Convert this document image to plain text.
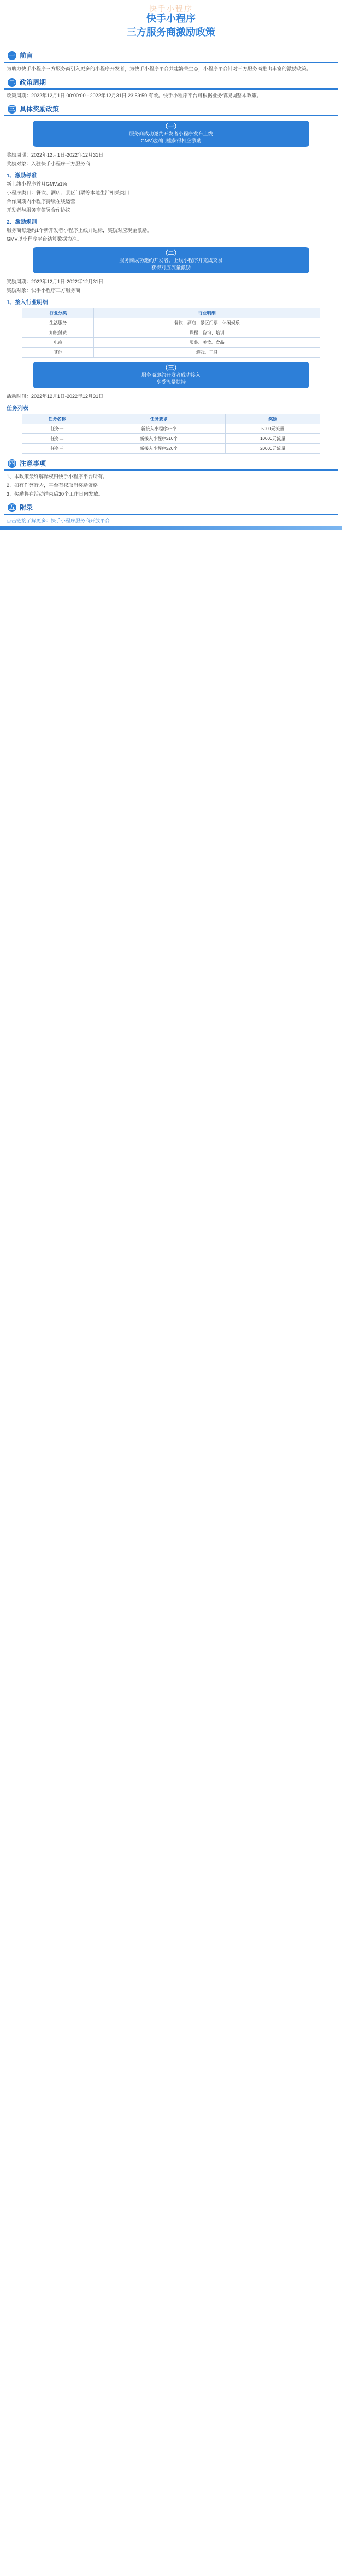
快手小程序
快手小程序
三方服务商激励政策
一 前言
为助力快手小程序三方服务商引入更多的小程序开发者，为快手小程序平台共建繁荣生态，小程序平台针对三方服务商推出丰富的激励政策。
二 政策周期
政策周期：2022年12月1日 00:00:00 - 2022年12月31日 23:59:59 有效。快手小程序平台可根据业务情况调整本政策。
三 具体奖励政策
（一）
服务商成功邀约开发者小程序发布上线
GMV达到门槛获得相应激励
奖励周期：2022年12月1日-2022年12月31日
奖励对象：入驻快手小程序三方服务商
1、激励标准
新上线小程序首月GMV≥1%
小程序类目：餐饮、酒店、景区门票等本地生活相关类目
合作周期内小程序持续在线运营
开发者与服务商签署合作协议
2、激励规则
服务商每邀约1个新开发者小程序上线并达标，奖励对应现金激励。
GMV以小程序平台结算数据为准。
（二）
服务商成功邀约开发者，上线小程序并完成交易
获得对应流量激励
奖励周期：2022年12月1日-2022年12月31日
奖励对象：快手小程序三方服务商
1、接入行业明细
行业分类	行业明细
生活服务	餐饮、酒店、景区门票、休闲娱乐
知识付费	课程、咨询、培训
电商	服装、美妆、食品
其他	游戏、工具
（三）
服务商邀约开发者成功接入
享受流量扶持
活动时间：2022年12月1日-2022年12月31日
任务列表
任务名称	任务要求	奖励
任务一	新接入小程序≥5个	5000元流量
任务二	新接入小程序≥10个	10000元流量
任务三	新接入小程序≥20个	20000元流量
四 注意事项
1、本政策最终解释权归快手小程序平台所有。
2、如有作弊行为，平台有权取消奖励资格。
3、奖励将在活动结束后30个工作日内发放。
五 附录
点击链接了解更多：快手小程序服务商开放平台
